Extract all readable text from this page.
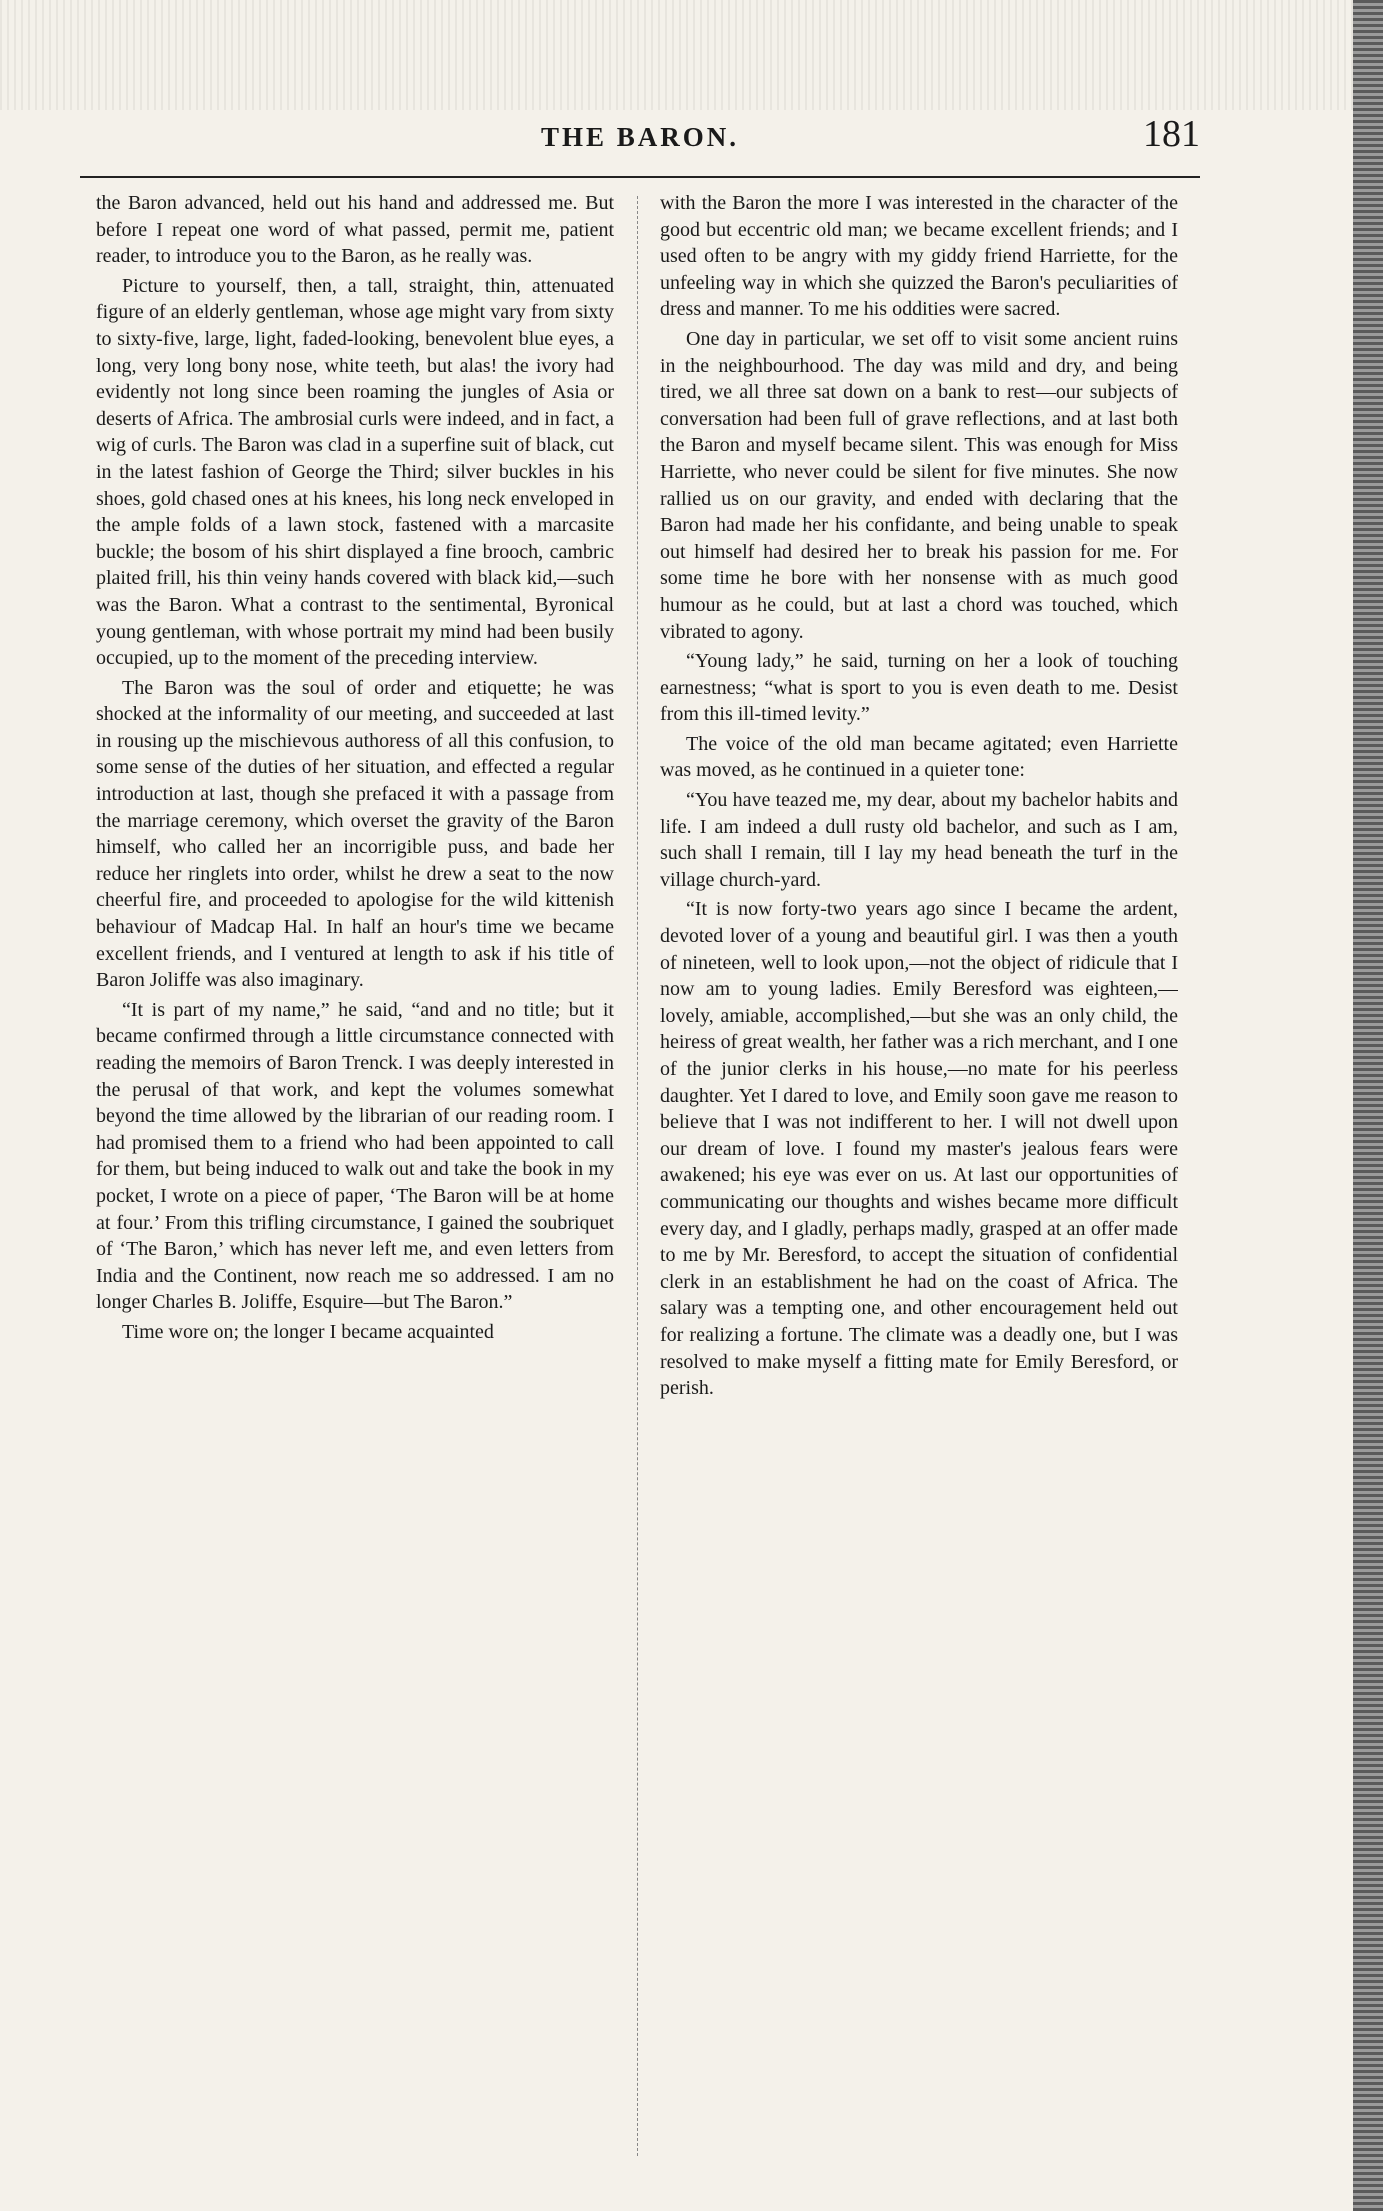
THE BARON.	181

the Baron advanced, held out his hand and addressed me. But before I repeat one word of what passed, permit me, patient reader, to introduce you to the Baron, as he really was.

Picture to yourself, then, a tall, straight, thin, attenuated figure of an elderly gentleman, whose age might vary from sixty to sixty-five, large, light, faded-looking, benevolent blue eyes, a long, very long bony nose, white teeth, but alas! the ivory had evidently not long since been roaming the jungles of Asia or deserts of Africa. The ambrosial curls were indeed, and in fact, a wig of curls. The Baron was clad in a superfine suit of black, cut in the latest fashion of George the Third; silver buckles in his shoes, gold chased ones at his knees, his long neck enveloped in the ample folds of a lawn stock, fastened with a marcasite buckle; the bosom of his shirt displayed a fine brooch, cambric plaited frill, his thin veiny hands covered with black kid,—such was the Baron. What a contrast to the sentimental, Byronical young gentleman, with whose portrait my mind had been busily occupied, up to the moment of the preceding interview.

The Baron was the soul of order and etiquette; he was shocked at the informality of our meeting, and succeeded at last in rousing up the mischievous authoress of all this confusion, to some sense of the duties of her situation, and effected a regular introduction at last, though she prefaced it with a passage from the marriage ceremony, which overset the gravity of the Baron himself, who called her an incorrigible puss, and bade her reduce her ringlets into order, whilst he drew a seat to the now cheerful fire, and proceeded to apologise for the wild kittenish behaviour of Madcap Hal. In half an hour's time we became excellent friends, and I ventured at length to ask if his title of Baron Joliffe was also imaginary.

“It is part of my name,” he said, “and and no title; but it became confirmed through a little circumstance connected with reading the memoirs of Baron Trenck. I was deeply interested in the perusal of that work, and kept the volumes somewhat beyond the time allowed by the librarian of our reading room. I had promised them to a friend who had been appointed to call for them, but being induced to walk out and take the book in my pocket, I wrote on a piece of paper, ‘The Baron will be at home at four.’ From this trifling circumstance, I gained the soubriquet of ‘The Baron,’ which has never left me, and even letters from India and the Continent, now reach me so addressed. I am no longer Charles B. Joliffe, Esquire—but The Baron.”

Time wore on; the longer I became acquainted

with the Baron the more I was interested in the character of the good but eccentric old man; we became excellent friends; and I used often to be angry with my giddy friend Harriette, for the unfeeling way in which she quizzed the Baron's peculiarities of dress and manner. To me his oddities were sacred.

One day in particular, we set off to visit some ancient ruins in the neighbourhood. The day was mild and dry, and being tired, we all three sat down on a bank to rest—our subjects of conversation had been full of grave reflections, and at last both the Baron and myself became silent. This was enough for Miss Harriette, who never could be silent for five minutes. She now rallied us on our gravity, and ended with declaring that the Baron had made her his confidante, and being unable to speak out himself had desired her to break his passion for me. For some time he bore with her nonsense with as much good humour as he could, but at last a chord was touched, which vibrated to agony.

“Young lady,” he said, turning on her a look of touching earnestness; “what is sport to you is even death to me. Desist from this ill-timed levity.”

The voice of the old man became agitated; even Harriette was moved, as he continued in a quieter tone:

“You have teazed me, my dear, about my bachelor habits and life. I am indeed a dull rusty old bachelor, and such as I am, such shall I remain, till I lay my head beneath the turf in the village church-yard.

“It is now forty-two years ago since I became the ardent, devoted lover of a young and beautiful girl. I was then a youth of nineteen, well to look upon,—not the object of ridicule that I now am to young ladies. Emily Beresford was eighteen,—lovely, amiable, accomplished,—but she was an only child, the heiress of great wealth, her father was a rich merchant, and I one of the junior clerks in his house,—no mate for his peerless daughter. Yet I dared to love, and Emily soon gave me reason to believe that I was not indifferent to her. I will not dwell upon our dream of love. I found my master's jealous fears were awakened; his eye was ever on us. At last our opportunities of communicating our thoughts and wishes became more difficult every day, and I gladly, perhaps madly, grasped at an offer made to me by Mr. Beresford, to accept the situation of confidential clerk in an establishment he had on the coast of Africa. The salary was a tempting one, and other encouragement held out for realizing a fortune. The climate was a deadly one, but I was resolved to make myself a fitting mate for Emily Beresford, or perish.
